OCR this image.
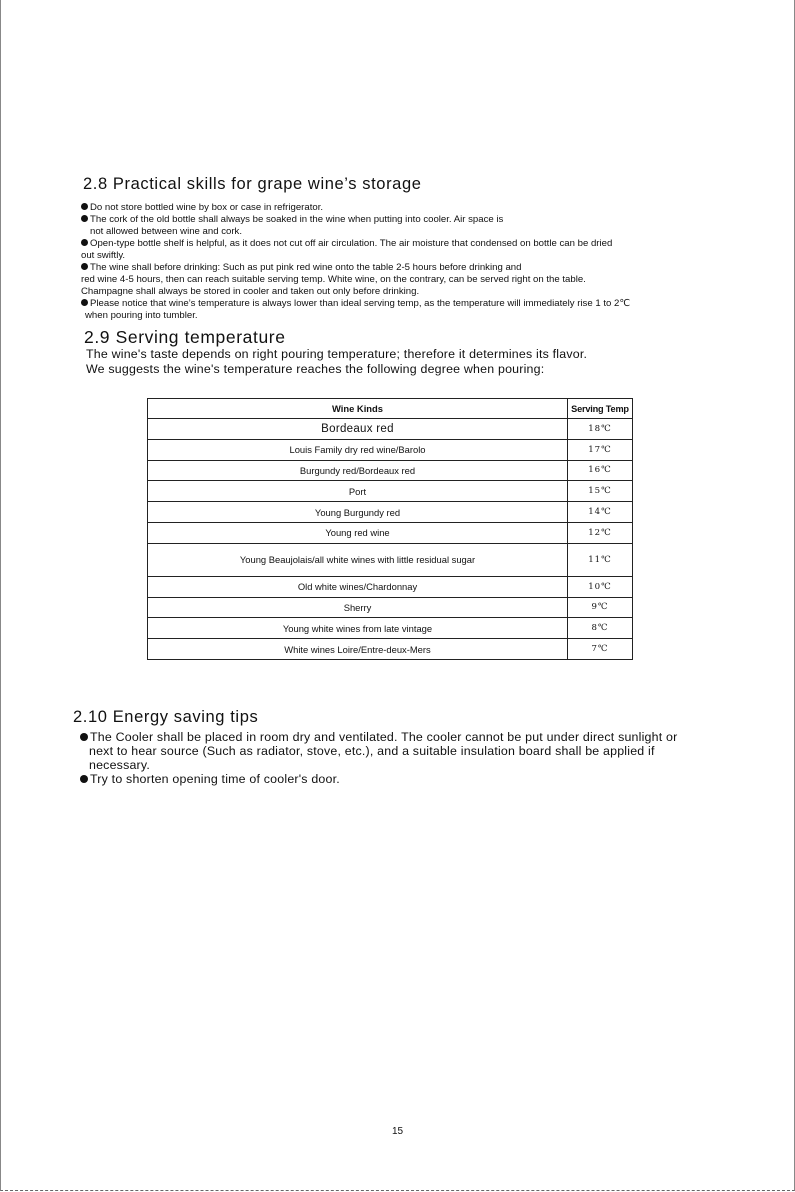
2.8 Practical skills for grape wine’s storage
Do not store bottled wine by box or case in refrigerator.
The cork of the old bottle shall always be soaked in the wine when putting into cooler. Air space is
not allowed between wine and cork.
Open-type bottle shelf is helpful, as it does not cut off air circulation. The air moisture that condensed on bottle can be dried
out swiftly.
The wine shall before drinking: Such as put pink red wine onto the table 2-5 hours before drinking and
red wine 4-5 hours, then can reach suitable serving temp. White wine, on the contrary, can be served right on the table.
Champagne shall always be stored in cooler and taken out only before drinking.
Please notice that wine’s temperature is always lower than ideal serving temp, as the temperature will immediately rise 1 to 2℃
when pouring into tumbler.
2.9 Serving temperature
The wine's taste depends on right pouring temperature; therefore it determines its flavor.
We suggests the wine's temperature reaches the following degree when pouring:
Wine Kinds	Serving Temp
Bordeaux red	18℃
Louis Family dry red wine/Barolo	17℃
Burgundy red/Bordeaux red	16℃
Port	15℃
Young Burgundy red	14℃
Young red wine	12℃
Young Beaujolais/all white wines with little residual sugar	11℃
Old white wines/Chardonnay	10℃
Sherry	9℃
Young white wines from late vintage	8℃
White wines Loire/Entre-deux-Mers	7℃
2.10 Energy saving tips
The Cooler shall be placed in room dry and ventilated. The cooler cannot be put under direct sunlight or
next to hear source (Such as radiator, stove, etc.), and a suitable insulation board shall be applied if
necessary.
Try to shorten opening time of cooler's door.
15
